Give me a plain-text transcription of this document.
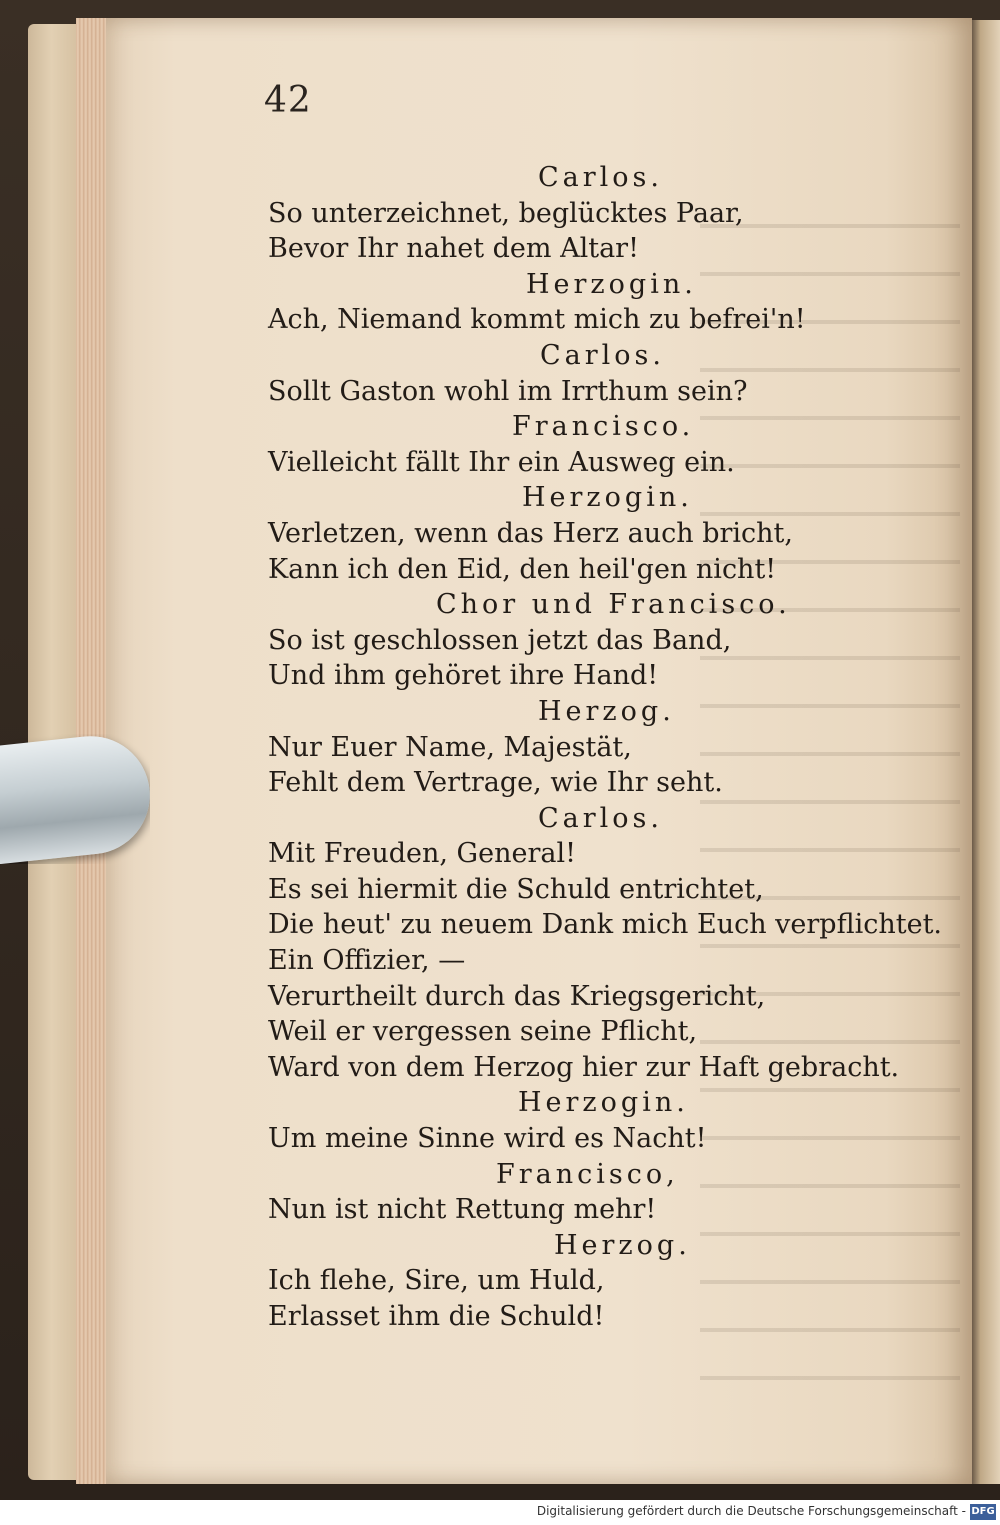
42
Carlos.
So unterzeichnet, beglücktes Paar,
Bevor Ihr nahet dem Altar!
Herzogin.
Ach, Niemand kommt mich zu befrei'n!
Carlos.
Sollt Gaston wohl im Irrthum sein?
Francisco.
Vielleicht fällt Ihr ein Ausweg ein.
Herzogin.
Verletzen, wenn das Herz auch bricht,
Kann ich den Eid, den heil'gen nicht!
Chor und Francisco.
So ist geschlossen jetzt das Band,
Und ihm gehöret ihre Hand!
Herzog.
Nur Euer Name, Majestät,
Fehlt dem Vertrage, wie Ihr seht.
Carlos.
Mit Freuden, General!
Es sei hiermit die Schuld entrichtet,
Die heut' zu neuem Dank mich Euch verpflichtet.
Ein Offizier, —
Verurtheilt durch das Kriegsgericht,
Weil er vergessen seine Pflicht,
Ward von dem Herzog hier zur Haft gebracht.
Herzogin.
Um meine Sinne wird es Nacht!
Francisco,
Nun ist nicht Rettung mehr!
Herzog.
Ich flehe, Sire, um Huld,
Erlasset ihm die Schuld!
Digitalisierung gefördert durch die Deutsche Forschungsgemeinschaft - DFG
